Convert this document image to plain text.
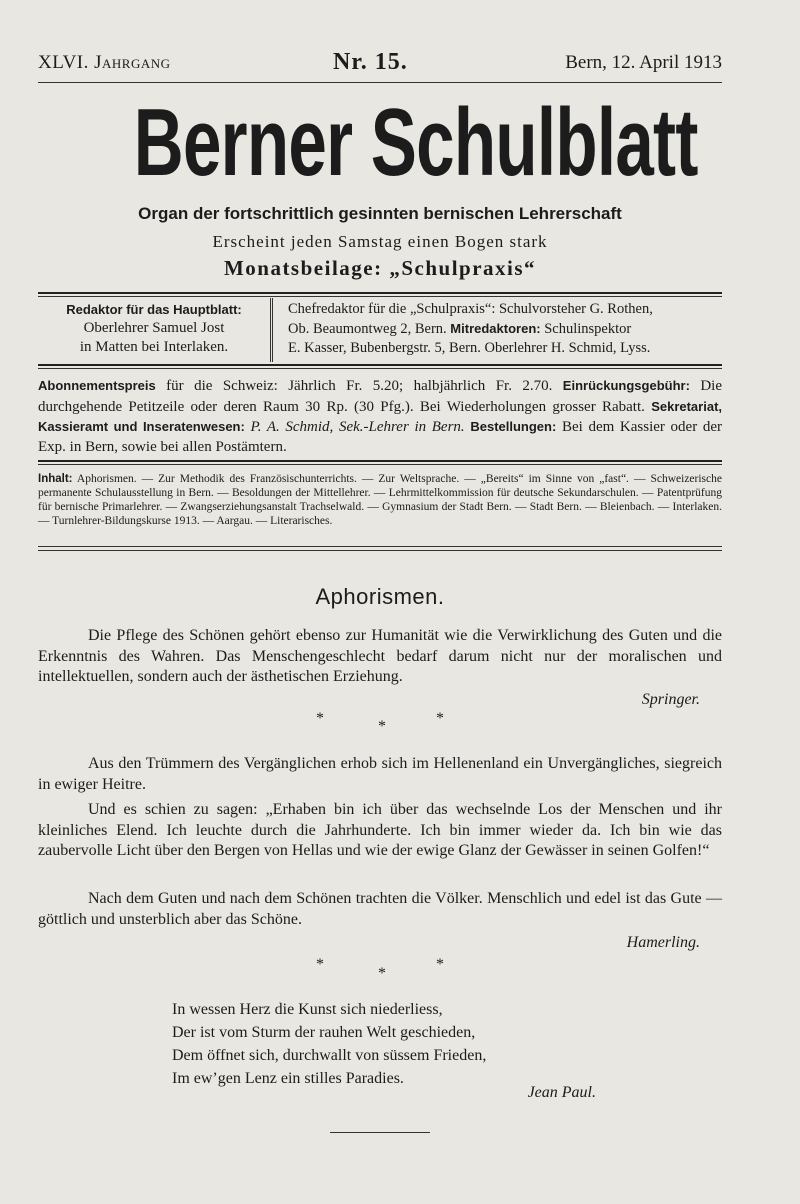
XLVI. Jahrgang	Nr. 15.	Bern, 12. April 1913
Berner Schulblatt
Organ der fortschrittlich gesinnten bernischen Lehrerschaft
Erscheint jeden Samstag einen Bogen stark
Monatsbeilage: „Schulpraxis“
Redaktor für das Hauptblatt:
Oberlehrer Samuel Jost
in Matten bei Interlaken.
Chefredaktor für die „Schulpraxis“: Schulvorsteher G. Rothen,
Ob. Beaumontweg 2, Bern. Mitredaktoren: Schulinspektor
E. Kasser, Bubenbergstr. 5, Bern. Oberlehrer H. Schmid, Lyss.

Abonnementspreis für die Schweiz: Jährlich Fr. 5.20; halbjährlich Fr. 2.70. Einrückungsgebühr: Die durchgehende Petitzeile oder deren Raum 30 Rp. (30 Pfg.). Bei Wiederholungen grosser Rabatt. Sekretariat, Kassieramt und Inseratenwesen: P. A. Schmid, Sek.-Lehrer in Bern. Bestellungen: Bei dem Kassier oder der Exp. in Bern, sowie bei allen Postämtern.

Inhalt: Aphorismen. — Zur Methodik des Französischunterrichts. — Zur Weltsprache. — „Bereits“ im Sinne von „fast“. — Schweizerische permanente Schulausstellung in Bern. — Besoldungen der Mittellehrer. — Lehrmittelkommission für deutsche Sekundarschulen. — Patentprüfung für bernische Primarlehrer. — Zwangserziehungsanstalt Trachselwald. — Gymnasium der Stadt Bern. — Stadt Bern. — Bleienbach. — Interlaken. — Turnlehrer-Bildungskurse 1913. — Aargau. — Literarisches.
Aphorismen.

Die Pflege des Schönen gehört ebenso zur Humanität wie die Verwirklichung des Guten und die Erkenntnis des Wahren. Das Menschengeschlecht bedarf darum nicht nur der moralischen und intellektuellen, sondern auch der ästhetischen Erziehung.

Springer.
*	*	*

Aus den Trümmern des Vergänglichen erhob sich im Hellenenland ein Unvergängliches, siegreich in ewiger Heitre.

Und es schien zu sagen: „Erhaben bin ich über das wechselnde Los der Menschen und ihr kleinliches Elend. Ich leuchte durch die Jahrhunderte. Ich bin immer wieder da. Ich bin wie das zaubervolle Licht über den Bergen von Hellas und wie der ewige Glanz der Gewässer in seinen Golfen!“

Nach dem Guten und nach dem Schönen trachten die Völker. Menschlich und edel ist das Gute — göttlich und unsterblich aber das Schöne.

Hamerling.
*
*
*
In wessen Herz die Kunst sich niederliess,
Der ist vom Sturm der rauhen Welt geschieden,
Dem öffnet sich, durchwallt von süssem Frieden,
Im ew’gen Lenz ein stilles Paradies.
Jean Paul.
